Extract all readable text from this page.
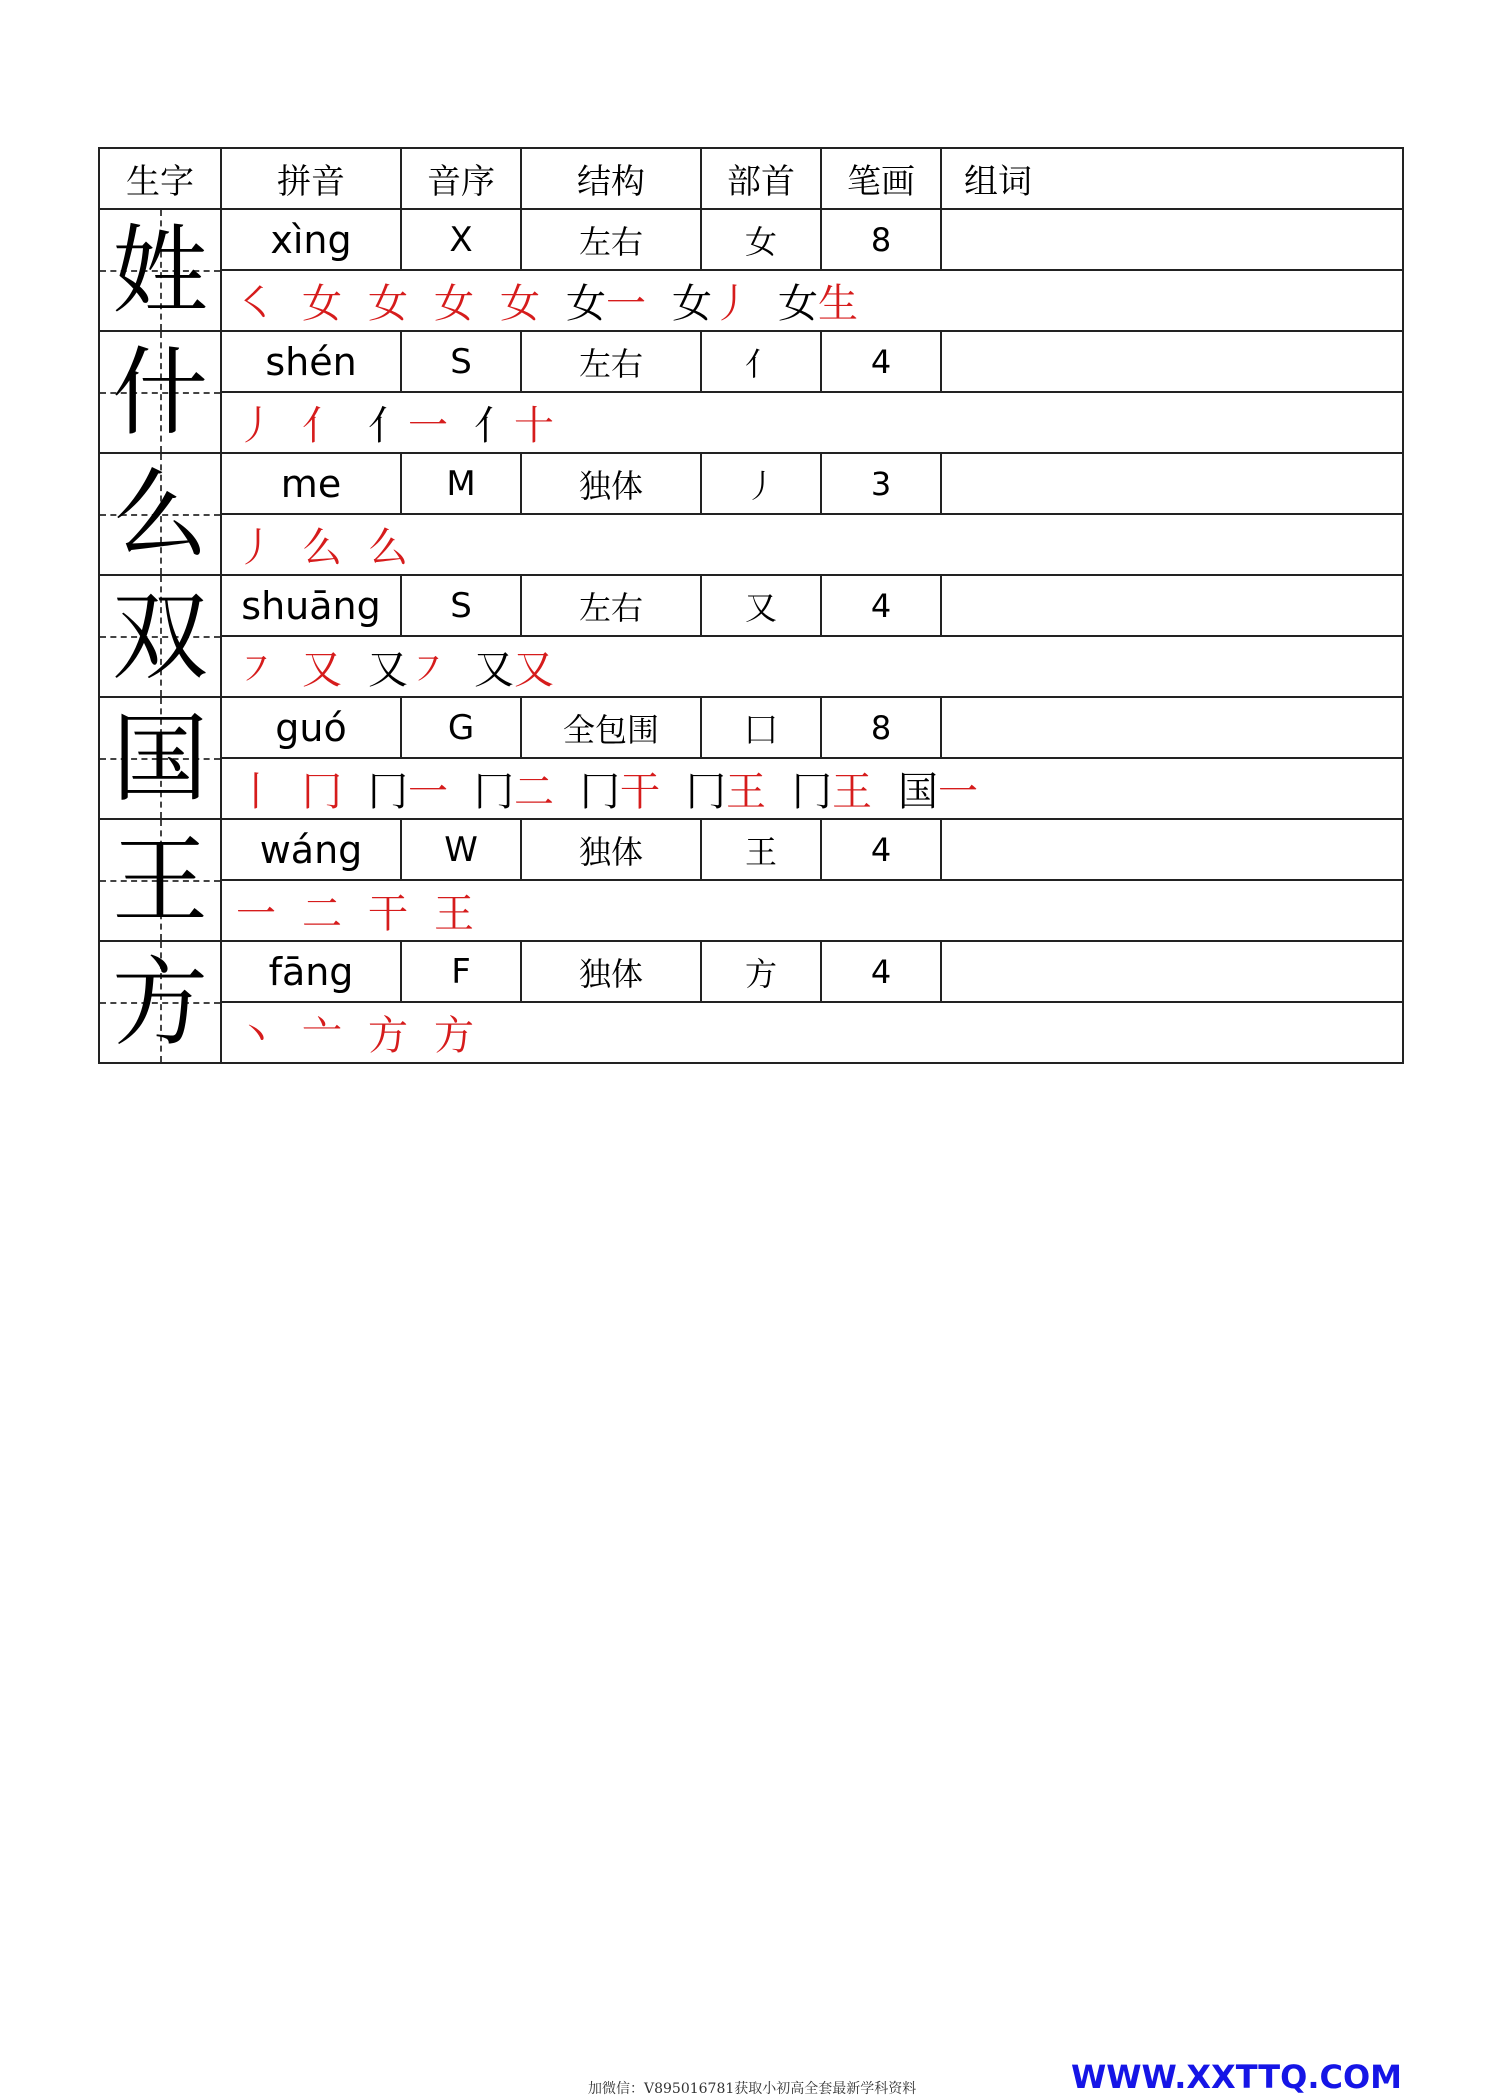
生字	拼音	音序	结构	部首	笔画	组词

姓	xìng	X	左右	女	8	
	㇛ 女 女 女 女 女一 女丿 女生					

什	shén	S	左右	亻	4	
	丿 亻 亻一 亻十					

么	me	M	独体	丿	3	
	丿 么 么					

双	shuāng	S	左右	又	4	
	㇇ 又 又㇇ 又又					

国	guó	G	全包围	囗	8	
	丨 冂 冂一 冂二 冂干 冂王 冂王 国一					

王	wáng	W	独体	王	4	
	一 二 干 王					

方	fāng	F	独体	方	4	
	丶 亠 方 方					
加微信：V895016781获取小初高全套最新学科资料	WWW.XXTTQ.COM
